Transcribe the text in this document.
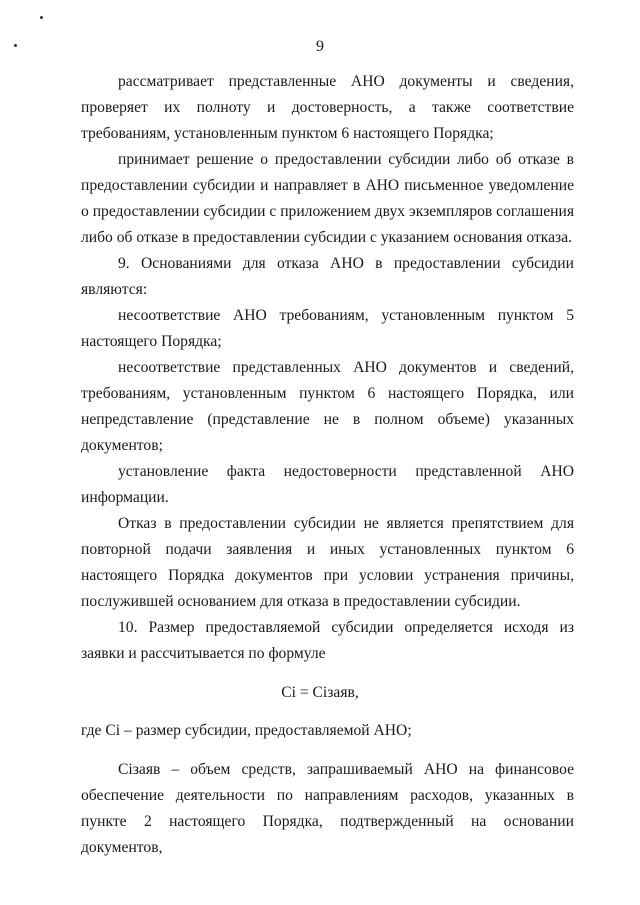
9

рассматривает представленные АНО документы и сведения, проверяет их полноту и достоверность, а также соответствие требованиям, установленным пунктом 6 настоящего Порядка;

принимает решение о предоставлении субсидии либо об отказе в предоставлении субсидии и направляет в АНО письменное уведомление о предоставлении субсидии с приложением двух экземпляров соглашения либо об отказе в предоставлении субсидии с указанием основания отказа.

9. Основаниями для отказа АНО в предоставлении субсидии являются:

несоответствие АНО требованиям, установленным пунктом 5 настоящего Порядка;

несоответствие представленных АНО документов и сведений, требованиям, установленным пунктом 6 настоящего Порядка, или непредставление (представление не в полном объеме) указанных документов;

установление факта недостоверности представленной АНО информации.

Отказ в предоставлении субсидии не является препятствием для повторной подачи заявления и иных установленных пунктом 6 настоящего Порядка документов при условии устранения причины, послужившей основанием для отказа в предоставлении субсидии.

10. Размер предоставляемой субсидии определяется исходя из заявки и рассчитывается по формуле

Ci = Сізаяв,

где Ci – размер субсидии, предоставляемой АНО;

Сізаяв – объем средств, запрашиваемый АНО на финансовое обеспечение деятельности по направлениям расходов, указанных в пункте 2 настоящего Порядка, подтвержденный на основании документов,
